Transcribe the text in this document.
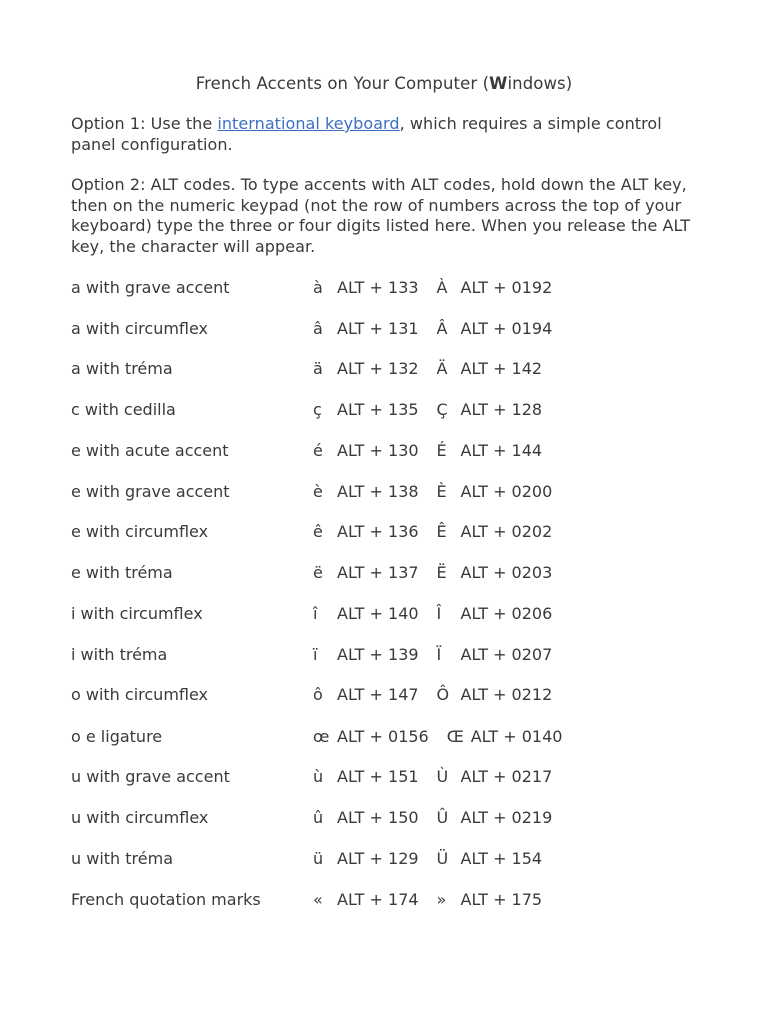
French Accents on Your Computer (Windows)
Option 1: Use the international keyboard, which requires a simple control panel configuration.
Option 2: ALT codes. To type accents with ALT codes, hold down the ALT key, then on the numeric keypad (not the row of numbers across the top of your keyboard) type the three or four digits listed here. When you release the ALT key, the character will appear.
a with grave accent	à ALT + 133 À ALT + 0192
a with circumflex	â ALT + 131 Â ALT + 0194
a with tréma	ä ALT + 132 Ä ALT + 142
c with cedilla	ç ALT + 135 Ç ALT + 128
e with acute accent	é ALT + 130 É ALT + 144
e with grave accent	è ALT + 138 È ALT + 0200
e with circumflex	ê ALT + 136 Ê ALT + 0202
e with tréma	ë ALT + 137 Ë ALT + 0203
i with circumflex	î ALT + 140 Î ALT + 0206
i with tréma	ï ALT + 139 Ï ALT + 0207
o with circumflex	ô ALT + 147 Ô ALT + 0212
o e ligature	œ ALT + 0156 Œ ALT + 0140
u with grave accent	ù ALT + 151 Ù ALT + 0217
u with circumflex	û ALT + 150 Û ALT + 0219
u with tréma	ü ALT + 129 Ü ALT + 154
French quotation marks	« ALT + 174 » ALT + 175
